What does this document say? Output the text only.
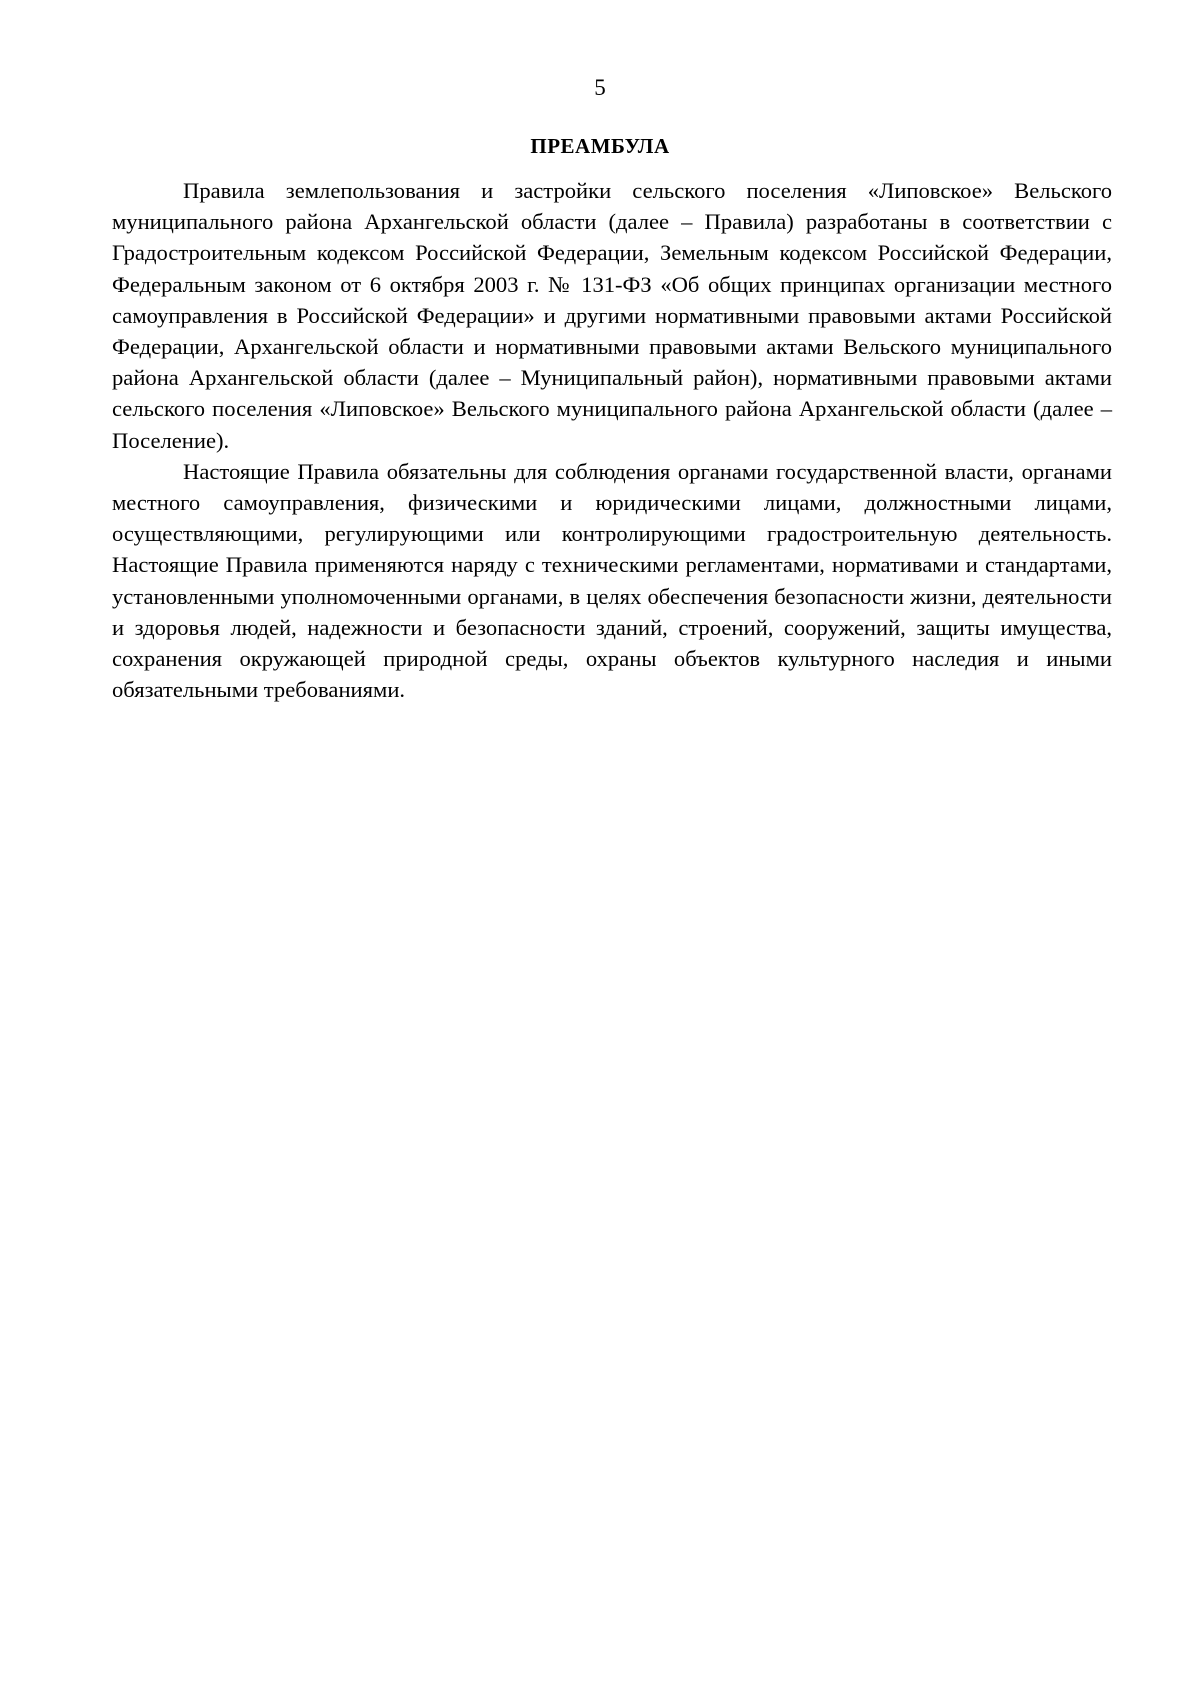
5
ПРЕАМБУЛА

Правила землепользования и застройки сельского поселения «Липовское» Вельского муниципального района Архангельской области (далее – Правила) разработаны в соответствии с Градостроительным кодексом Российской Федерации, Земельным кодексом Российской Федерации, Федеральным законом от 6 октября 2003 г. № 131-ФЗ «Об общих принципах организации местного самоуправления в Российской Федерации» и другими нормативными правовыми актами Российской Федерации, Архангельской области и нормативными правовыми актами Вельского муниципального района Архангельской области (далее – Муниципальный район), нормативными правовыми актами сельского поселения «Липовское» Вельского муниципального района Архангельской области (далее – Поселение).

Настоящие Правила обязательны для соблюдения органами государственной власти, органами местного самоуправления, физическими и юридическими лицами, должностными лицами, осуществляющими, регулирующими или контролирующими градостроительную деятельность. Настоящие Правила применяются наряду с техническими регламентами, нормативами и стандартами, установленными уполномоченными органами, в целях обеспечения безопасности жизни, деятельности и здоровья людей, надежности и безопасности зданий, строений, сооружений, защиты имущества, сохранения окружающей природной среды, охраны объектов культурного наследия и иными обязательными требованиями.
